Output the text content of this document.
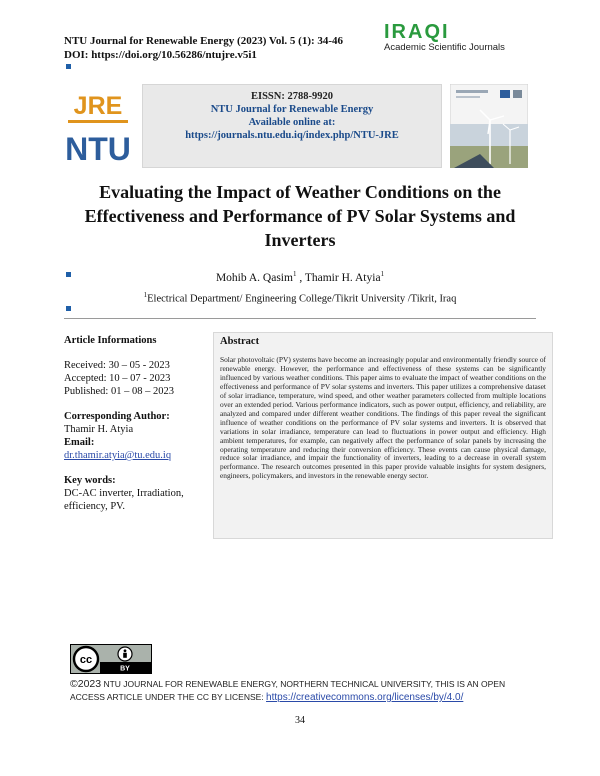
NTU Journal for Renewable Energy (2023) Vol. 5 (1): 34-46
DOI: https://doi.org/10.56286/ntujre.v5i1
IRAQI
Academic Scientific Journals
JRE
NTU
EISSN: 2788-9920
NTU Journal for Renewable Energy
Available online at:
https://journals.ntu.edu.iq/index.php/NTU-JRE
Evaluating the Impact of Weather Conditions on the Effectiveness and Performance of PV Solar Systems and Inverters
Mohib A. Qasim$^1$ , Thamir H. Atyia$^1$
$^1$Electrical Department/ Engineering College/Tikrit University /Tikrit, Iraq
Article Informations
Received: 30 – 05 - 2023
Accepted: 10 – 07 - 2023
Published: 01 – 08 – 2023
Corresponding Author:
Thamir H. Atyia
Email:
dr.thamir.atyia@tu.edu.iq
Key words:
DC-AC inverter, Irradiation, efficiency, PV.
Abstract
Solar photovoltaic (PV) systems have become an increasingly popular and environmentally friendly source of renewable energy. However, the performance and effectiveness of these systems can be significantly influenced by various weather conditions. This paper aims to evaluate the impact of weather conditions on the effectiveness and performance of PV solar systems and inverters. This paper utilizes a comprehensive dataset of solar irradiance, temperature, wind speed, and other weather parameters collected from multiple locations over an extended period. Various performance indicators, such as power output, efficiency, and reliability, are analyzed and compared under different weather conditions. The findings of this paper reveal the significant influence of weather conditions on the performance of PV solar systems and inverters. It is observed that variations in solar irradiance, temperature can lead to fluctuations in power output and efficiency. High ambient temperatures, for example, can negatively affect the performance of solar panels by increasing the operating temperature and reducing their conversion efficiency. These events can cause physical damage, reduce solar irradiance, and impair the functionality of inverters, leading to a decrease in overall system performance. The research outcomes presented in this paper provide valuable insights for system designers, engineers, policymakers, and investors in the renewable energy sector.
cc
BY
©2023 NTU JOURNAL FOR RENEWABLE ENERGY, NORTHERN TECHNICAL UNIVERSITY, THIS IS AN OPEN ACCESS ARTICLE UNDER THE CC BY LICENSE: https://creativecommons.org/licenses/by/4.0/
34
